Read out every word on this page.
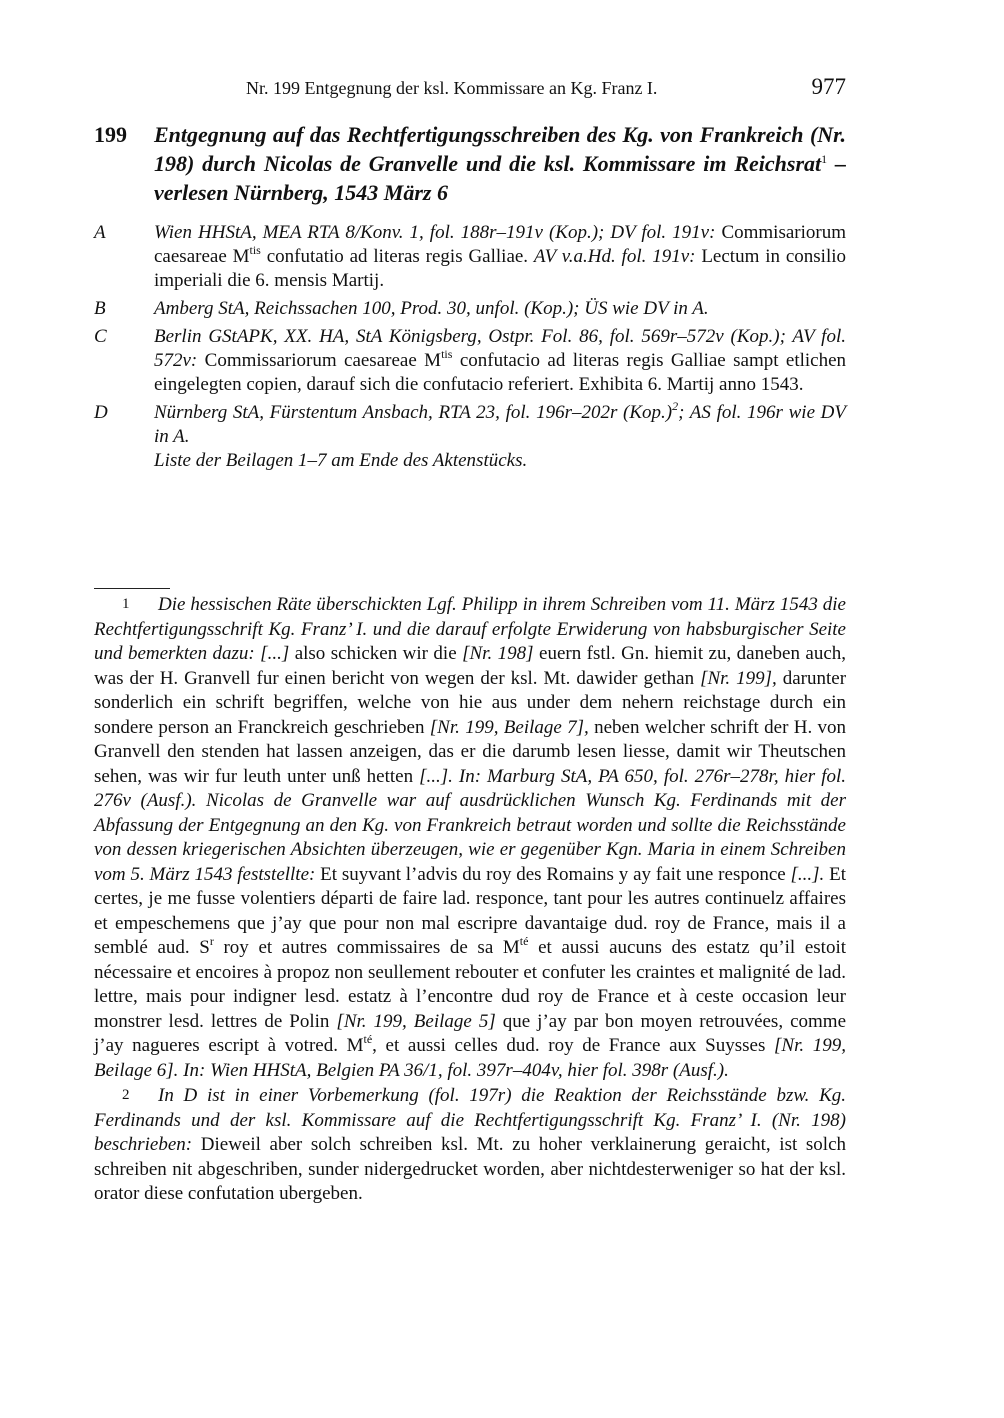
Nr. 199 Entgegnung der ksl. Kommissare an Kg. Franz I.	977
199	Entgegnung auf das Rechtfertigungsschreiben des Kg. von Frankreich (Nr. 198) durch Nicolas de Granvelle und die ksl. Kommissare im Reichsrat$^1$ – verlesen Nürnberg, 1543 März 6
A	Wien HHStA, MEA RTA 8/Konv. 1, fol. 188r–191v (Kop.); DV fol. 191v: Commisariorum caesareae $M^{tis}$ confutatio ad literas regis Galliae. AV v.a.Hd. fol. 191v: Lectum in consilio imperiali die 6. mensis Martij.
B	Amberg StA, Reichssachen 100, Prod. 30, unfol. (Kop.); ÜS wie DV in A.
C	Berlin GStAPK, XX. HA, StA Königsberg, Ostpr. Fol. 86, fol. 569r–572v (Kop.); AV fol. 572v: Commissariorum caesareae $M^{tis}$ confutacio ad literas regis Galliae sampt etlichen eingelegten copien, darauf sich die confutacio referiert. Exhibita 6. Martij anno 1543.
D	Nürnberg StA, Fürstentum Ansbach, RTA 23, fol. 196r–202r $(Kop.)^2$; AS fol. 196r wie DV in A.
Liste der Beilagen 1–7 am Ende des Aktenstücks.
1 Die hessischen Räte überschickten Lgf. Philipp in ihrem Schreiben vom 11. März 1543 die Rechtfertigungsschrift Kg. Franz’ I. und die darauf erfolgte Erwiderung von habsburgischer Seite und bemerkten dazu: [...] also schicken wir die [Nr. 198] euern fstl. Gn. hiemit zu, daneben auch, was der H. Granvell fur einen bericht von wegen der ksl. Mt. dawider gethan [Nr. 199], darunter sonderlich ein schrift begriffen, welche von hie aus under dem nehern reichstage durch ein sondere person an Franckreich geschrieben [Nr. 199, Beilage 7], neben welcher schrift der H. von Granvell den stenden hat lassen anzeigen, das er die darumb lesen liesse, damit wir Theutschen sehen, was wir fur leuth unter unß hetten [...]. In: Marburg StA, PA 650, fol. 276r–278r, hier fol. 276v (Ausf.). Nicolas de Granvelle war auf ausdrücklichen Wunsch Kg. Ferdinands mit der Abfassung der Entgegnung an den Kg. von Frankreich betraut worden und sollte die Reichsstände von dessen kriegerischen Absichten überzeugen, wie er gegenüber Kgn. Maria in einem Schreiben vom 5. März 1543 feststellte: Et suyvant l’advis du roy des Romains y ay fait une responce [...]. Et certes, je me fusse volentiers départi de faire lad. responce, tant pour les autres continuelz affaires et empeschemens que j’ay que pour non mal escripre davantaige dud. roy de France, mais il a semblé aud. $S^r$ roy et autres commissaires de sa $M^{té}$ et aussi aucuns des estatz qu’il estoit nécessaire et encoires à propoz non seullement rebouter et confuter les craintes et malignité de lad. lettre, mais pour indigner lesd. estatz à l’encontre dud roy de France et à ceste occasion leur monstrer lesd. lettres de Polin [Nr. 199, Beilage 5] que j’ay par bon moyen retrouvées, comme j’ay nagueres escript à votred. $M^{té}$, et aussi celles dud. roy de France aux Suysses [Nr. 199, Beilage 6]. In: Wien HHStA, Belgien PA 36/1, fol. 397r–404v, hier fol. 398r (Ausf.).
2 In D ist in einer Vorbemerkung (fol. 197r) die Reaktion der Reichsstände bzw. Kg. Ferdinands und der ksl. Kommissare auf die Rechtfertigungsschrift Kg. Franz’ I. (Nr. 198) beschrieben: Dieweil aber solch schreiben ksl. Mt. zu hoher verklainerung geraicht, ist solch schreiben nit abgeschriben, sunder nidergedrucket worden, aber nichtdesterweniger so hat der ksl. orator diese confutation ubergeben.
